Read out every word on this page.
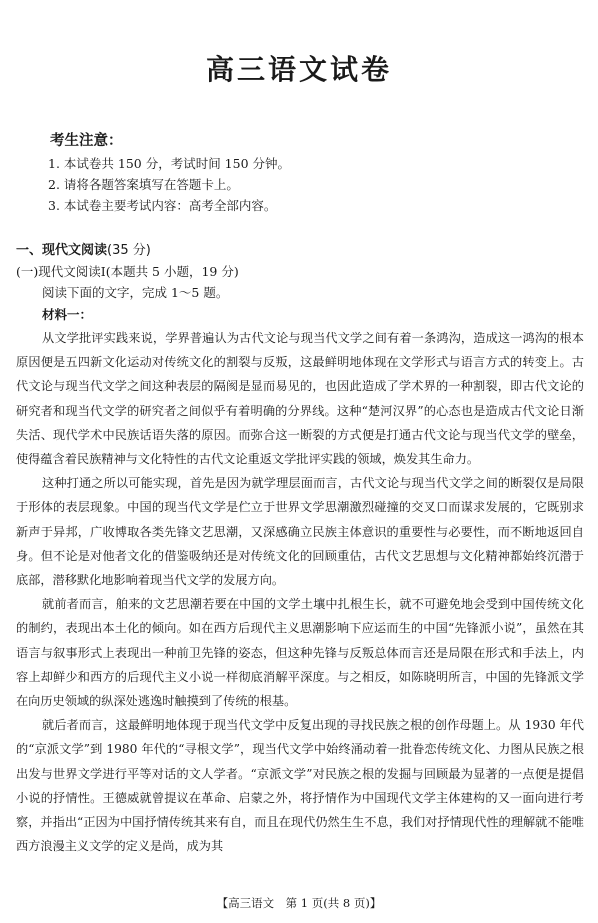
高三语文试卷
考生注意：
1. 本试卷共 150 分，考试时间 150 分钟。
2. 请将各题答案填写在答题卡上。
3. 本试卷主要考试内容：高考全部内容。
一、现代文阅读(35 分)
(一)现代文阅读Ⅰ(本题共 5 小题，19 分)
阅读下面的文字，完成 1～5 题。
材料一：

从文学批评实践来说，学界普遍认为古代文论与现当代文学之间有着一条鸿沟，造成这一鸿沟的根本原因便是五四新文化运动对传统文化的割裂与反叛，这最鲜明地体现在文学形式与语言方式的转变上。古代文论与现当代文学之间这种表层的隔阂是显而易见的，也因此造成了学术界的一种割裂，即古代文论的研究者和现当代文学的研究者之间似乎有着明确的分界线。这种“楚河汉界”的心态也是造成古代文论日渐失活、现代学术中民族话语失落的原因。而弥合这一断裂的方式便是打通古代文论与现当代文学的壁垒，使得蕴含着民族精神与文化特性的古代文论重返文学批评实践的领域，焕发其生命力。

这种打通之所以可能实现，首先是因为就学理层面而言，古代文论与现当代文学之间的断裂仅是局限于形体的表层现象。中国的现当代文学是伫立于世界文学思潮激烈碰撞的交叉口而谋求发展的，它既别求新声于异邦，广收博取各类先锋文艺思潮，又深感确立民族主体意识的重要性与必要性，而不断地返回自身。但不论是对他者文化的借鉴吸纳还是对传统文化的回顾重估，古代文艺思想与文化精神都始终沉潜于底部，潜移默化地影响着现当代文学的发展方向。

就前者而言，舶来的文艺思潮若要在中国的文学土壤中扎根生长，就不可避免地会受到中国传统文化的制约，表现出本土化的倾向。如在西方后现代主义思潮影响下应运而生的中国“先锋派小说”，虽然在其语言与叙事形式上表现出一种前卫先锋的姿态，但这种先锋与反叛总体而言还是局限在形式和手法上，内容上却鲜少和西方的后现代主义小说一样彻底消解平深度。与之相反，如陈晓明所言，中国的先锋派文学在向历史领域的纵深处逃逸时触摸到了传统的根基。

就后者而言，这最鲜明地体现于现当代文学中反复出现的寻找民族之根的创作母题上。从 1930 年代的“京派文学”到 1980 年代的“寻根文学”，现当代文学中始终涌动着一批眷恋传统文化、力图从民族之根出发与世界文学进行平等对话的文人学者。“京派文学”对民族之根的发掘与回顾最为显著的一点便是提倡小说的抒情性。王德威就曾提议在革命、启蒙之外，将抒情作为中国现代文学主体建构的又一面向进行考察，并指出“正因为中国抒情传统其来有自，而且在现代仍然生生不息，我们对抒情现代性的理解就不能唯西方浪漫主义文学的定义是尚，成为其

【高三语文　第 1 页(共 8 页)】
